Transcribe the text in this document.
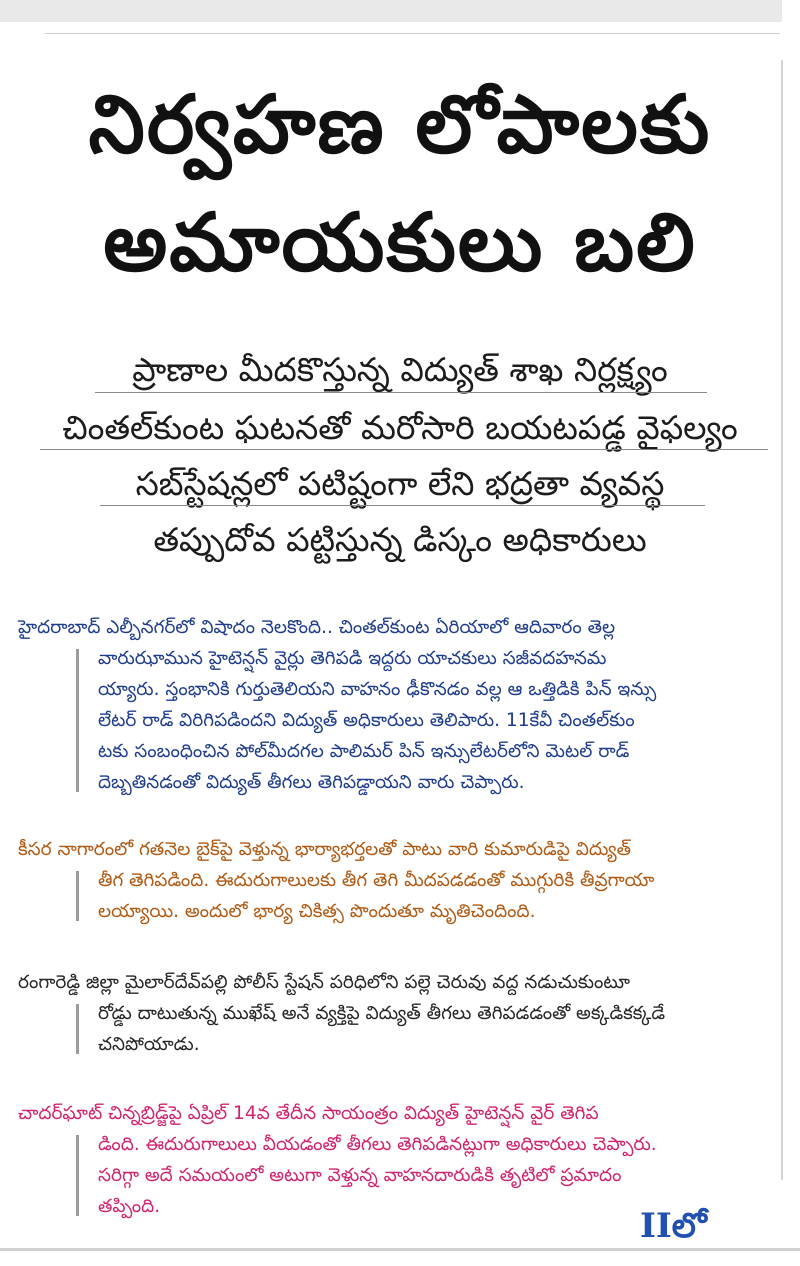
నిర్వహణ లోపాలకు
అమాయకులు బలి
ప్రాణాల మీదకొస్తున్న విద్యుత్ శాఖ నిర్లక్ష్యం
చింతల్‌కుంట ఘటనతో మరోసారి బయటపడ్డ వైఫల్యం
సబ్‌స్టేషన్లలో పటిష్టంగా లేని భద్రతా వ్యవస్థ
తప్పుదోవ పట్టిస్తున్న డిస్కం అధికారులు
హైదరాబాద్ ఎల్బీనగర్‌లో విషాదం నెలకొంది.. చింతల్‌కుంట ఏరియాలో ఆదివారం తెల్ల
వారుఝామున హైటెన్షన్ వైర్లు తెగిపడి ఇద్దరు యాచకులు సజీవదహనమ
య్యారు. స్తంభానికి గుర్తుతెలియని వాహనం ఢీకొనడం వల్ల ఆ ఒత్తిడికి పిన్ ఇన్సు
లేటర్ రాడ్ విరిగిపడిందని విద్యుత్ అధికారులు తెలిపారు. 11కేవీ చింతల్‌కుం
టకు సంబంధించిన పోల్‌మీదగల పాలిమర్ పిన్ ఇన్సులేటర్‌లోని మెటల్ రాడ్
దెబ్బతినడంతో విద్యుత్ తీగలు తెగిపడ్డాయని వారు చెప్పారు.
కీసర నాగారంలో గతనెల బైక్‌పై వెళ్తున్న భార్యాభర్తలతో పాటు వారి కుమారుడిపై విద్యుత్
తీగ తెగిపడింది. ఈదురుగాలులకు తీగ తెగి మీదపడడంతో ముగ్గురికి తీవ్రగాయా
లయ్యాయి. అందులో భార్య చికిత్స పొందుతూ మృతిచెందింది.
రంగారెడ్డి జిల్లా మైలార్‌దేవ్‌పల్లి పోలీస్ స్టేషన్ పరిధిలోని పల్లె చెరువు వద్ద నడుచుకుంటూ
రోడ్డు దాటుతున్న ముఖేష్ అనే వ్యక్తిపై విద్యుత్ తీగలు తెగిపడడంతో అక్కడికక్కడే
చనిపోయాడు.
చాదర్‌ఘాట్ చిన్నబ్రిడ్జ్‌పై ఏప్రిల్ 14వ తేదీన సాయంత్రం విద్యుత్ హైటెన్షన్ వైర్ తెగిప
డింది. ఈదురుగాలులు వీయడంతో తీగలు తెగిపడినట్లుగా అధికారులు చెప్పారు.
సరిగ్గా అదే సమయంలో అటుగా వెళ్తున్న వాహనదారుడికి తృటిలో ప్రమాదం
తప్పింది.	IIలో
